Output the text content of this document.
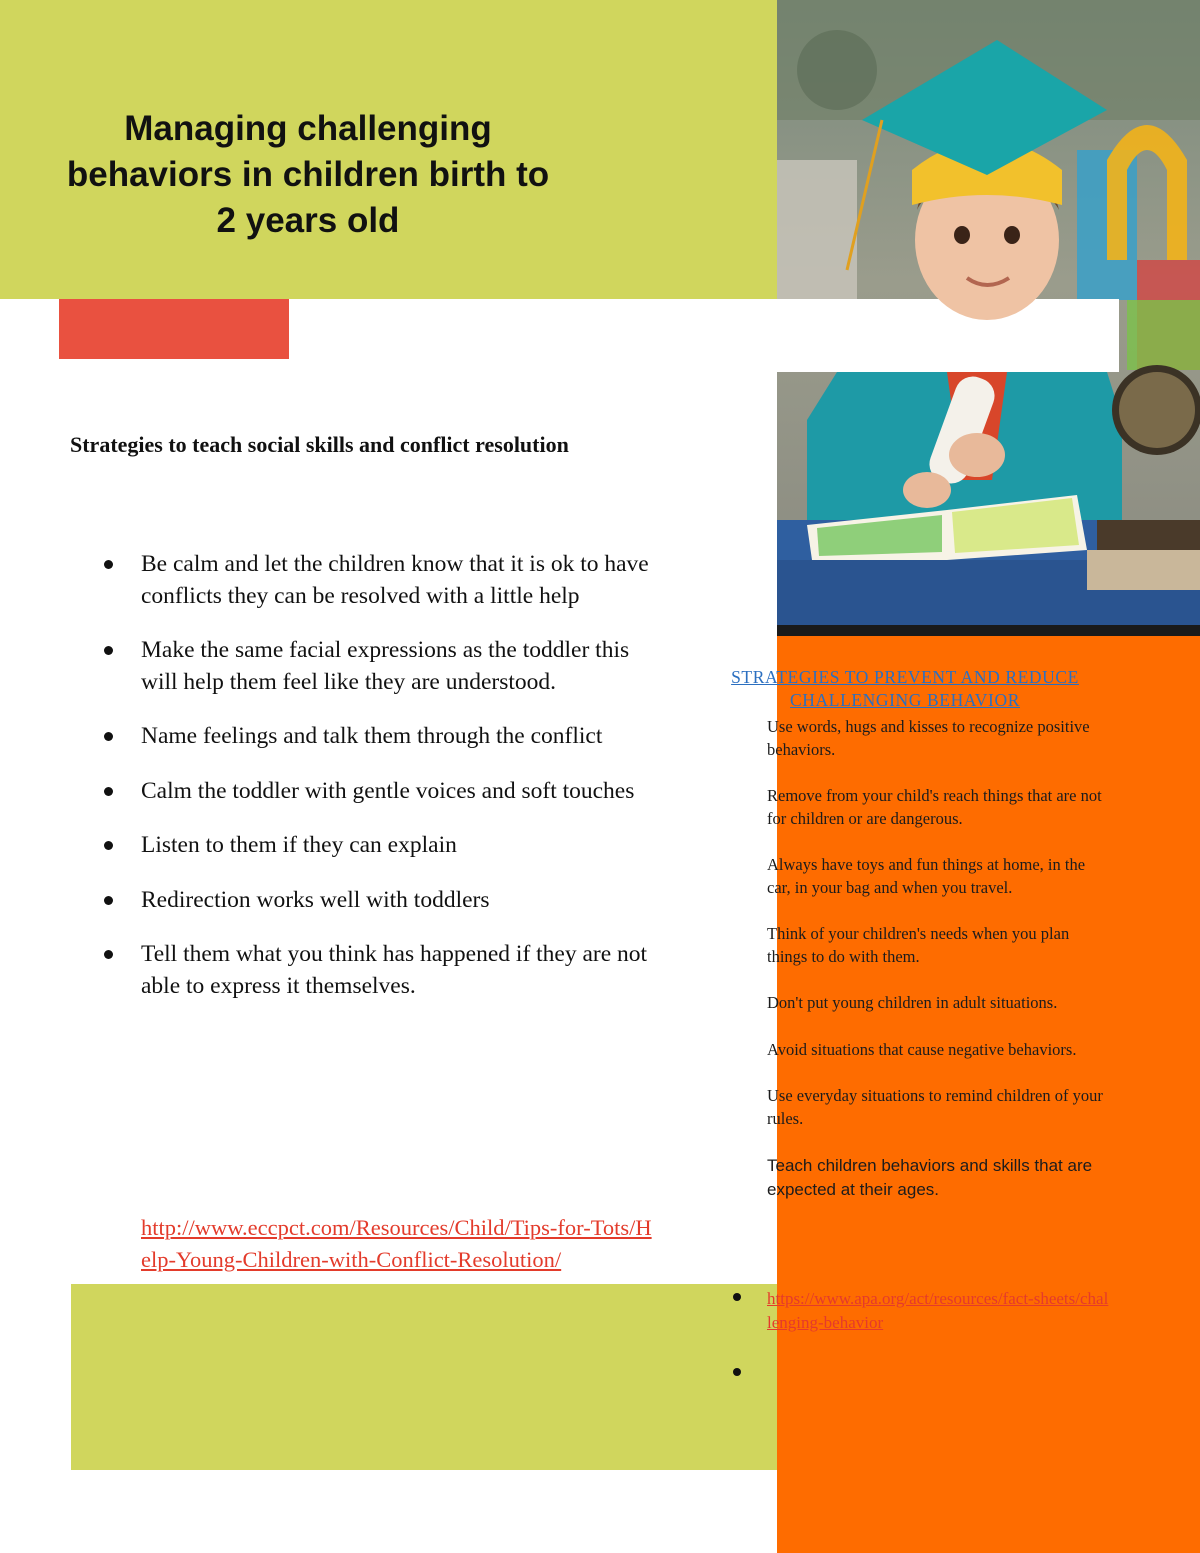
Managing challenging behaviors in children birth to 2 years old
Strategies to teach social skills and conflict resolution
Be calm and let the children know that it is ok to have conflicts they can be resolved with a little help
Make the same facial expressions as the toddler this will help them feel like they are understood.
Name feelings and talk them through the conflict
Calm the toddler with gentle voices and soft touches
Listen to them if they can explain
Redirection works well with toddlers
Tell them what you think has happened if they are not able to express it themselves.
http://www.eccpct.com/Resources/Child/Tips-for-Tots/Help-Young-Children-with-Conflict-Resolution/
STRATEGIES TO PREVENT AND REDUCE CHALLENGING BEHAVIOR

Use words, hugs and kisses to recognize positive behaviors.

Remove from your child's reach things that are not for children or are dangerous.

Always have toys and fun things at home, in the car, in your bag and when you travel.

Think of your children's needs when you plan things to do with them.

Don't put young children in adult situations.

Avoid situations that cause negative behaviors.

Use everyday situations to remind children of your rules.

Teach children behaviors and skills that are expected at their ages.

https://www.apa.org/act/resources/fact-sheets/challenging-behavior
